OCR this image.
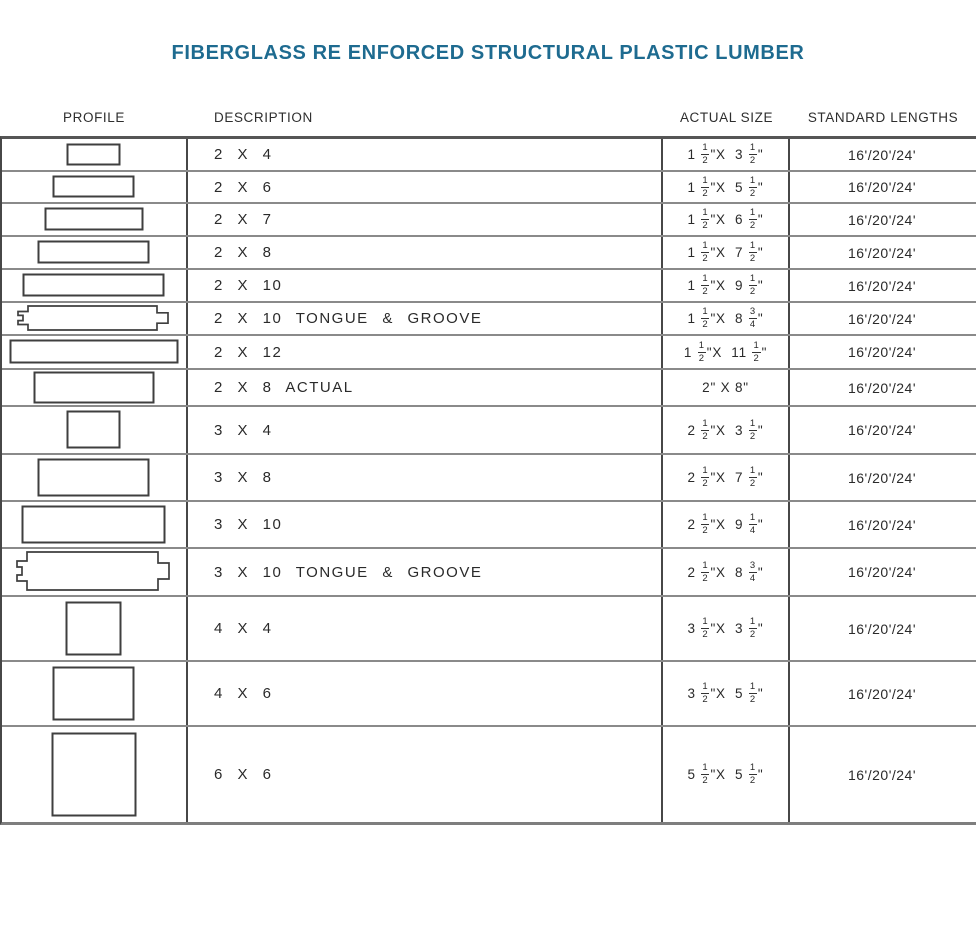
FIBERGLASS RE ENFORCED STRUCTURAL PLASTIC LUMBER
PROFILE	DESCRIPTION	ACTUAL SIZE	STANDARD LENGTHS
2 X 4	$1 \frac{1}{2}$ "X  $3 \frac{1}{2}$ "	16'/20'/24'
2 X 6	$1 \frac{1}{2}$ "X  $5 \frac{1}{2}$ "	16'/20'/24'
2 X 7	$1 \frac{1}{2}$ "X  $6 \frac{1}{2}$ "	16'/20'/24'
2 X 8	$1 \frac{1}{2}$ "X  $7 \frac{1}{2}$ "	16'/20'/24'
2 X 10	$1 \frac{1}{2}$ "X  $9 \frac{1}{2}$ "	16'/20'/24'
2 X 10 TONGUE & GROOVE	$1 \frac{1}{2}$ "X  $8 \frac{3}{4}$ "	16'/20'/24'
2 X 12	$1 \frac{1}{2}$ "X  $11 \frac{1}{2}$ "	16'/20'/24'
2 X 8 ACTUAL	2" X 8"	16'/20'/24'
3 X 4	$2 \frac{1}{2}$ "X  $3 \frac{1}{2}$ "	16'/20'/24'
3 X 8	$2 \frac{1}{2}$ "X  $7 \frac{1}{2}$ "	16'/20'/24'
3 X 10	$2 \frac{1}{2}$ "X  $9 \frac{1}{4}$ "	16'/20'/24'
3 X 10 TONGUE & GROOVE	$2 \frac{1}{2}$ "X  $8 \frac{3}{4}$ "	16'/20'/24'
4 X 4	$3 \frac{1}{2}$ "X  $3 \frac{1}{2}$ "	16'/20'/24'
4 X 6	$3 \frac{1}{2}$ "X  $5 \frac{1}{2}$ "	16'/20'/24'
6 X 6	$5 \frac{1}{2}$ "X  $5 \frac{1}{2}$ "	16'/20'/24'
